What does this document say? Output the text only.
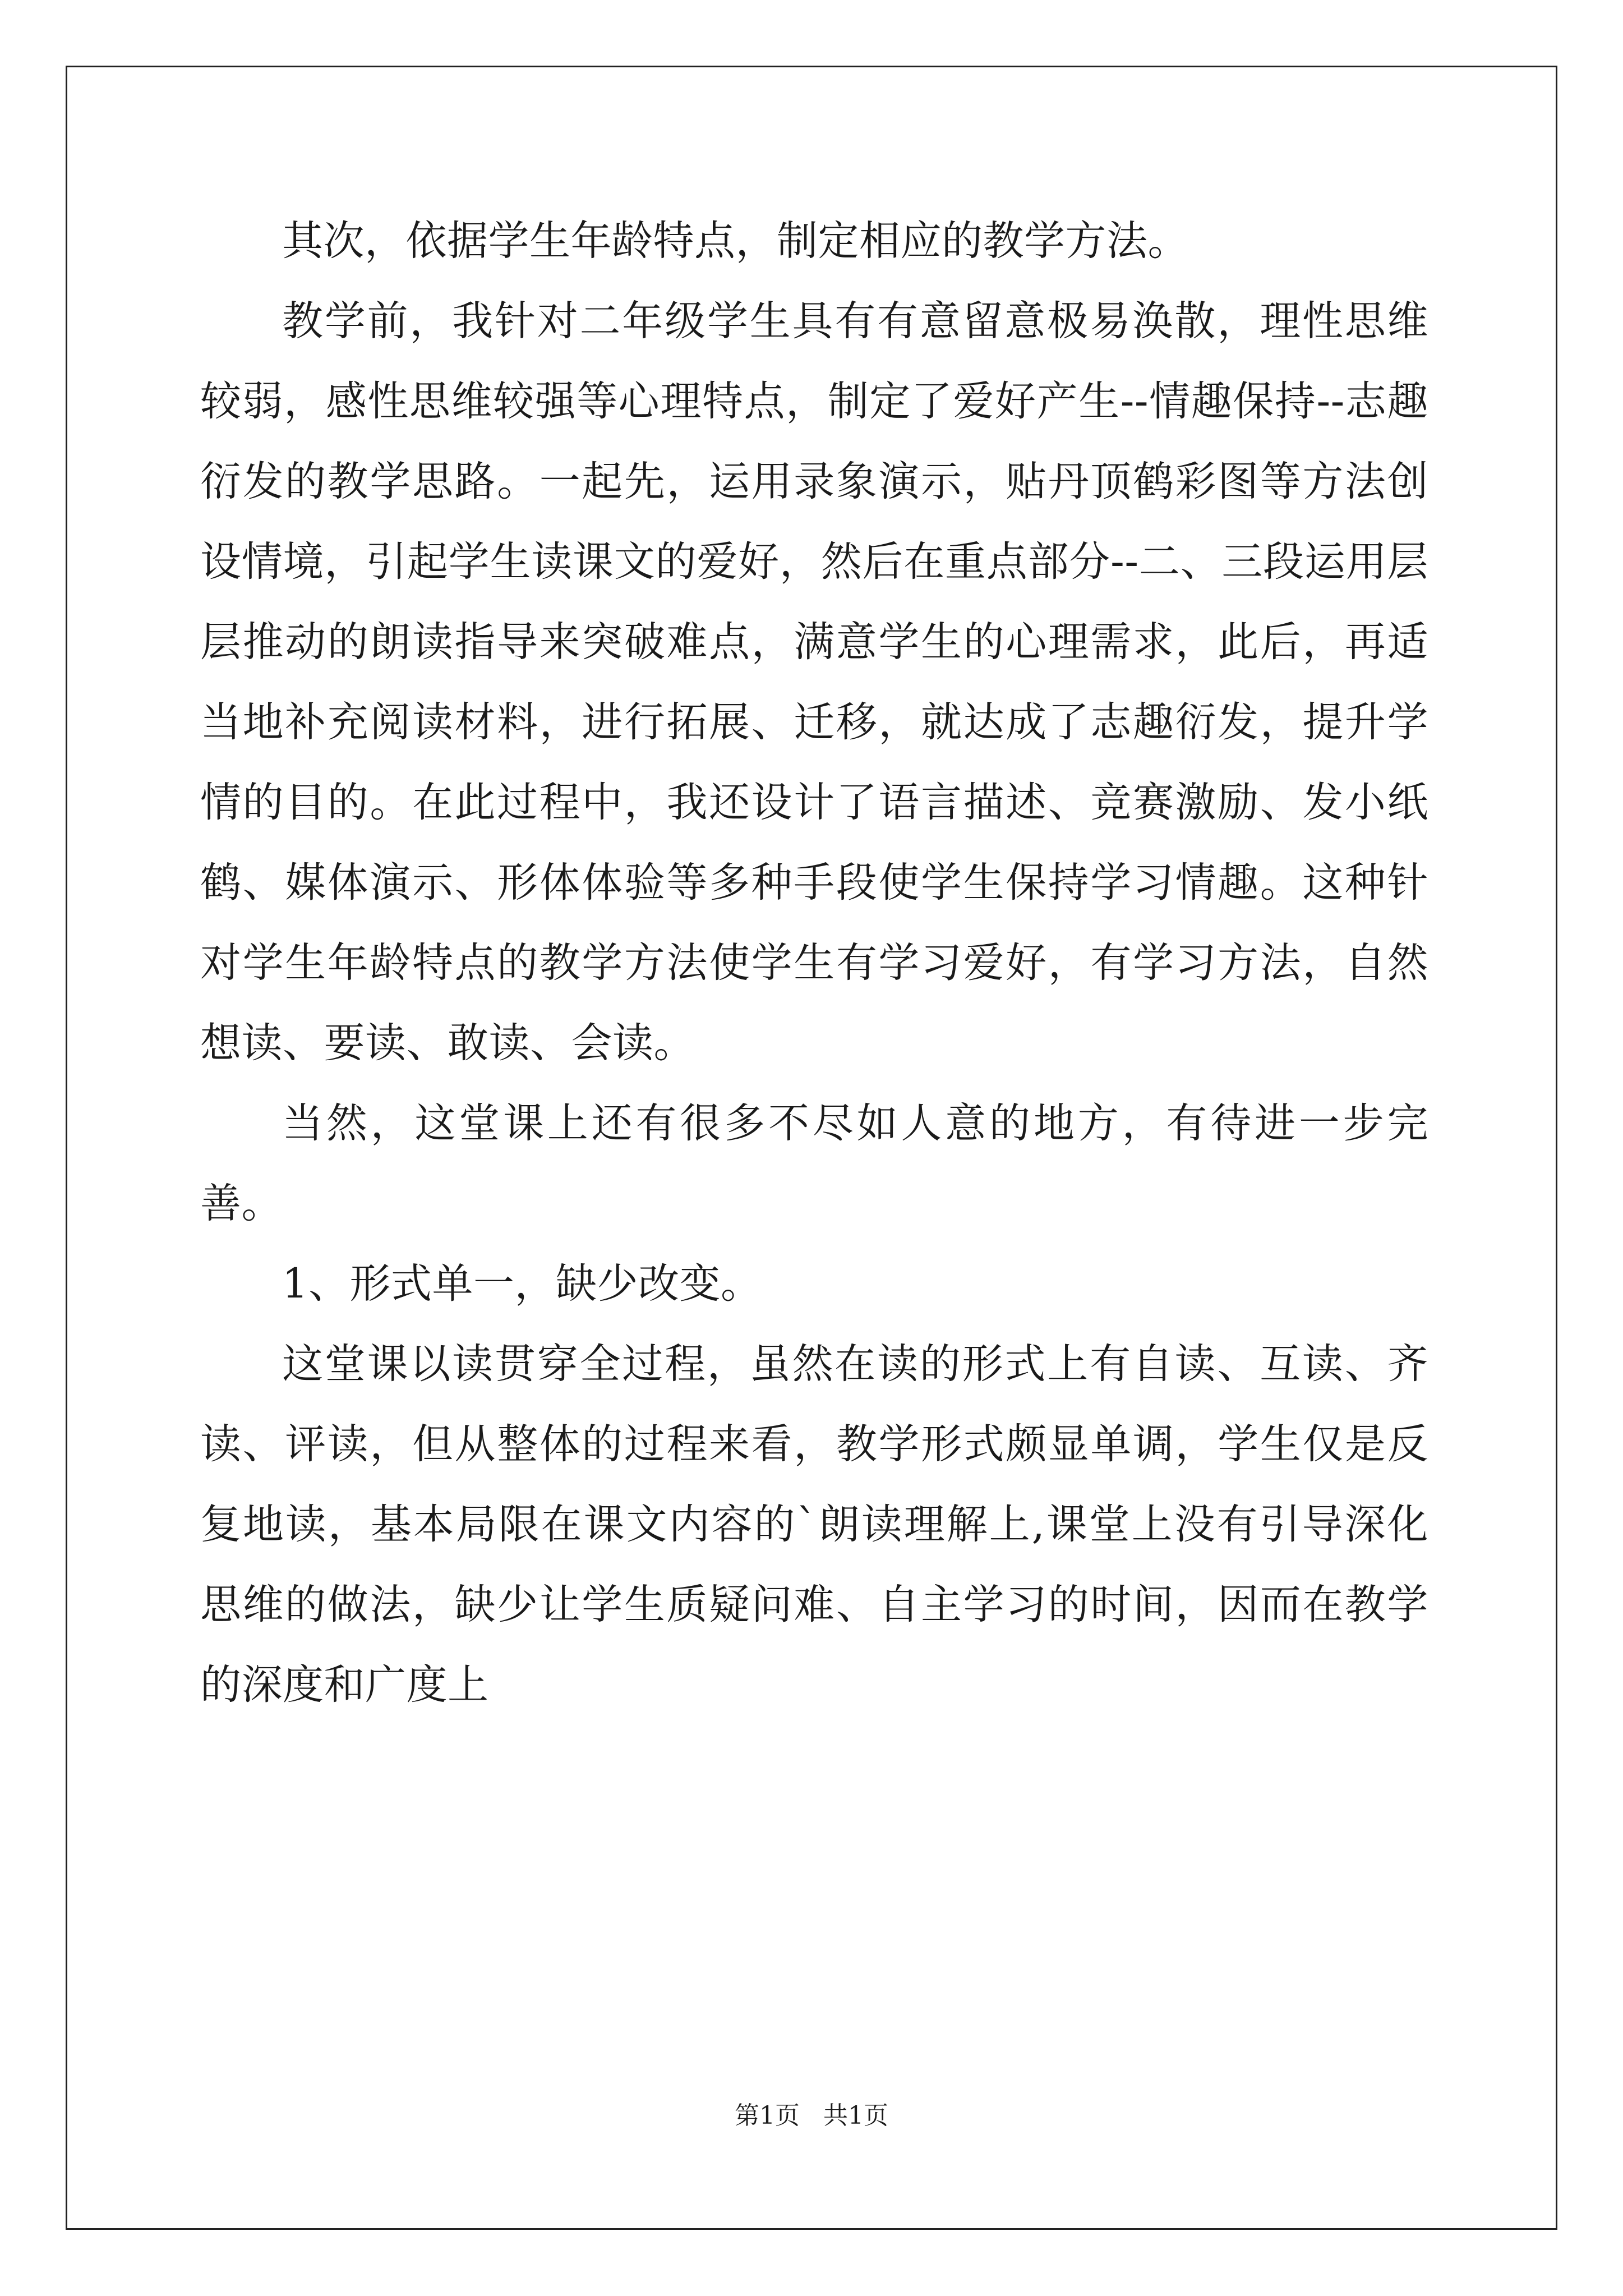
其次，依据学生年龄特点，制定相应的教学方法。

教学前，我针对二年级学生具有有意留意极易涣散，理性思维较弱，感性思维较强等心理特点，制定了爱好产生--情趣保持--志趣衍发的教学思路。一起先，运用录象演示，贴丹顶鹤彩图等方法创设情境，引起学生读课文的爱好，然后在重点部分--二、三段运用层层推动的朗读指导来突破难点，满意学生的心理需求，此后，再适当地补充阅读材料，进行拓展、迁移，就达成了志趣衍发，提升学情的目的。在此过程中，我还设计了语言描述、竞赛激励、发小纸鹤、媒体演示、形体体验等多种手段使学生保持学习情趣。这种针对学生年龄特点的教学方法使学生有学习爱好，有学习方法，自然想读、要读、敢读、会读。

当然，这堂课上还有很多不尽如人意的地方，有待进一步完善。

1、形式单一，缺少改变。

这堂课以读贯穿全过程，虽然在读的形式上有自读、互读、齐读、评读，但从整体的过程来看，教学形式颇显单调，学生仅是反复地读，基本局限在课文内容的`朗读理解上,课堂上没有引导深化思维的做法，缺少让学生质疑问难、自主学习的时间，因而在教学的深度和广度上

第1页   共1页
